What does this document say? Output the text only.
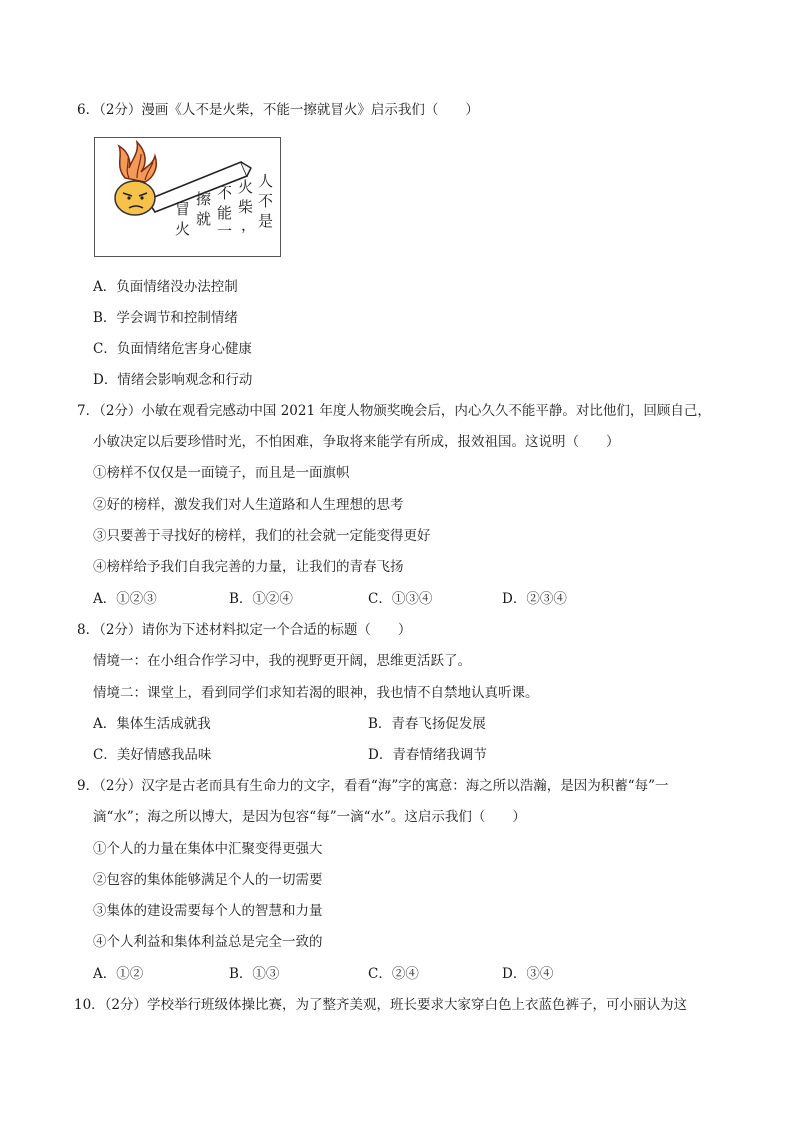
6．（2分）漫画《人不是火柴，不能一擦就冒火》启示我们（　　）
冒
火
擦
就
不
能
一
火
柴
，
人
不
是
A．负面情绪没办法控制
B．学会调节和控制情绪
C．负面情绪危害身心健康
D．情绪会影响观念和行动
7．（2分）小敏在观看完感动中国 2021 年度人物颁奖晚会后，内心久久不能平静。对比他们，回顾自己，
小敏决定以后要珍惜时光，不怕困难，争取将来能学有所成，报效祖国。这说明（　　）
①榜样不仅仅是一面镜子，而且是一面旗帜
②好的榜样，激发我们对人生道路和人生理想的思考
③只要善于寻找好的榜样，我们的社会就一定能变得更好
④榜样给予我们自我完善的力量，让我们的青春飞扬
A．①②③	B．①②④	C．①③④	D．②③④
8．（2分）请你为下述材料拟定一个合适的标题（　　）
情境一：在小组合作学习中，我的视野更开阔，思维更活跃了。
情境二：课堂上，看到同学们求知若渴的眼神，我也情不自禁地认真听课。
A．集体生活成就我	B．青春飞扬促发展
C．美好情感我品味	D．青春情绪我调节
9．（2分）汉字是古老而具有生命力的文字，看看“海”字的寓意：海之所以浩瀚，是因为积蓄“每”一
滴“水”；海之所以博大，是因为包容“每”一滴“水”。这启示我们（　　）
①个人的力量在集体中汇聚变得更强大
②包容的集体能够满足个人的一切需要
③集体的建设需要每个人的智慧和力量
④个人利益和集体利益总是完全一致的
A．①②	B．①③	C．②④	D．③④
10．（2分）学校举行班级体操比赛，为了整齐美观，班长要求大家穿白色上衣蓝色裤子，可小丽认为这
